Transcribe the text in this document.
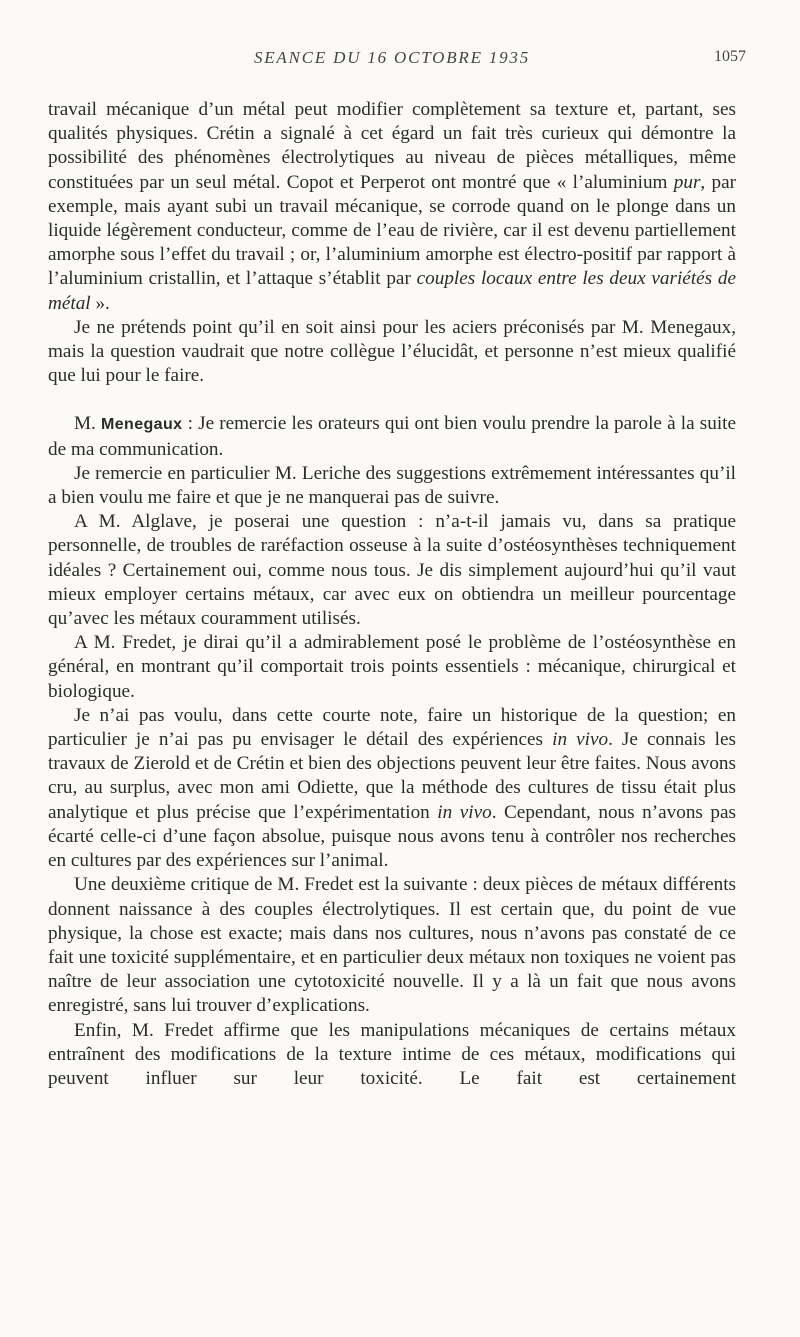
SEANCE DU 16 OCTOBRE 1935	1057

travail mécanique d’un métal peut modifier complètement sa texture et, partant, ses qualités physiques. Crétin a signalé à cet égard un fait très curieux qui démontre la possibilité des phénomènes électrolytiques au niveau de pièces métalliques, même constituées par un seul métal. Copot et Perperot ont montré que « l’aluminium pur, par exemple, mais ayant subi un travail mécanique, se corrode quand on le plonge dans un liquide légèrement conducteur, comme de l’eau de rivière, car il est devenu partiellement amorphe sous l’effet du travail ; or, l’aluminium amorphe est électro-positif par rapport à l’aluminium cristallin, et l’attaque s’établit par couples locaux entre les deux variétés de métal ».

Je ne prétends point qu’il en soit ainsi pour les aciers préconisés par M. Menegaux, mais la question vaudrait que notre collègue l’élucidât, et personne n’est mieux qualifié que lui pour le faire.

M. Menegaux : Je remercie les orateurs qui ont bien voulu prendre la parole à la suite de ma communication.

Je remercie en particulier M. Leriche des suggestions extrêmement intéressantes qu’il a bien voulu me faire et que je ne manquerai pas de suivre.

A M. Alglave, je poserai une question : n’a-t-il jamais vu, dans sa pratique personnelle, de troubles de raréfaction osseuse à la suite d’ostéosynthèses techniquement idéales ? Certainement oui, comme nous tous. Je dis simplement aujourd’hui qu’il vaut mieux employer certains métaux, car avec eux on obtiendra un meilleur pourcentage qu’avec les métaux couramment utilisés.

A M. Fredet, je dirai qu’il a admirablement posé le problème de l’ostéosynthèse en général, en montrant qu’il comportait trois points essentiels : mécanique, chirurgical et biologique.

Je n’ai pas voulu, dans cette courte note, faire un historique de la question; en particulier je n’ai pas pu envisager le détail des expériences in vivo. Je connais les travaux de Zierold et de Crétin et bien des objections peuvent leur être faites. Nous avons cru, au surplus, avec mon ami Odiette, que la méthode des cultures de tissu était plus analytique et plus précise que l’expérimentation in vivo. Cependant, nous n’avons pas écarté celle-ci d’une façon absolue, puisque nous avons tenu à contrôler nos recherches en cultures par des expériences sur l’animal.

Une deuxième critique de M. Fredet est la suivante : deux pièces de métaux différents donnent naissance à des couples électrolytiques. Il est certain que, du point de vue physique, la chose est exacte; mais dans nos cultures, nous n’avons pas constaté de ce fait une toxicité supplémentaire, et en particulier deux métaux non toxiques ne voient pas naître de leur association une cytotoxicité nouvelle. Il y a là un fait que nous avons enregistré, sans lui trouver d’explications.

Enfin, M. Fredet affirme que les manipulations mécaniques de certains métaux entraînent des modifications de la texture intime de ces métaux, modifications qui peuvent influer sur leur toxicité. Le fait est certainement
